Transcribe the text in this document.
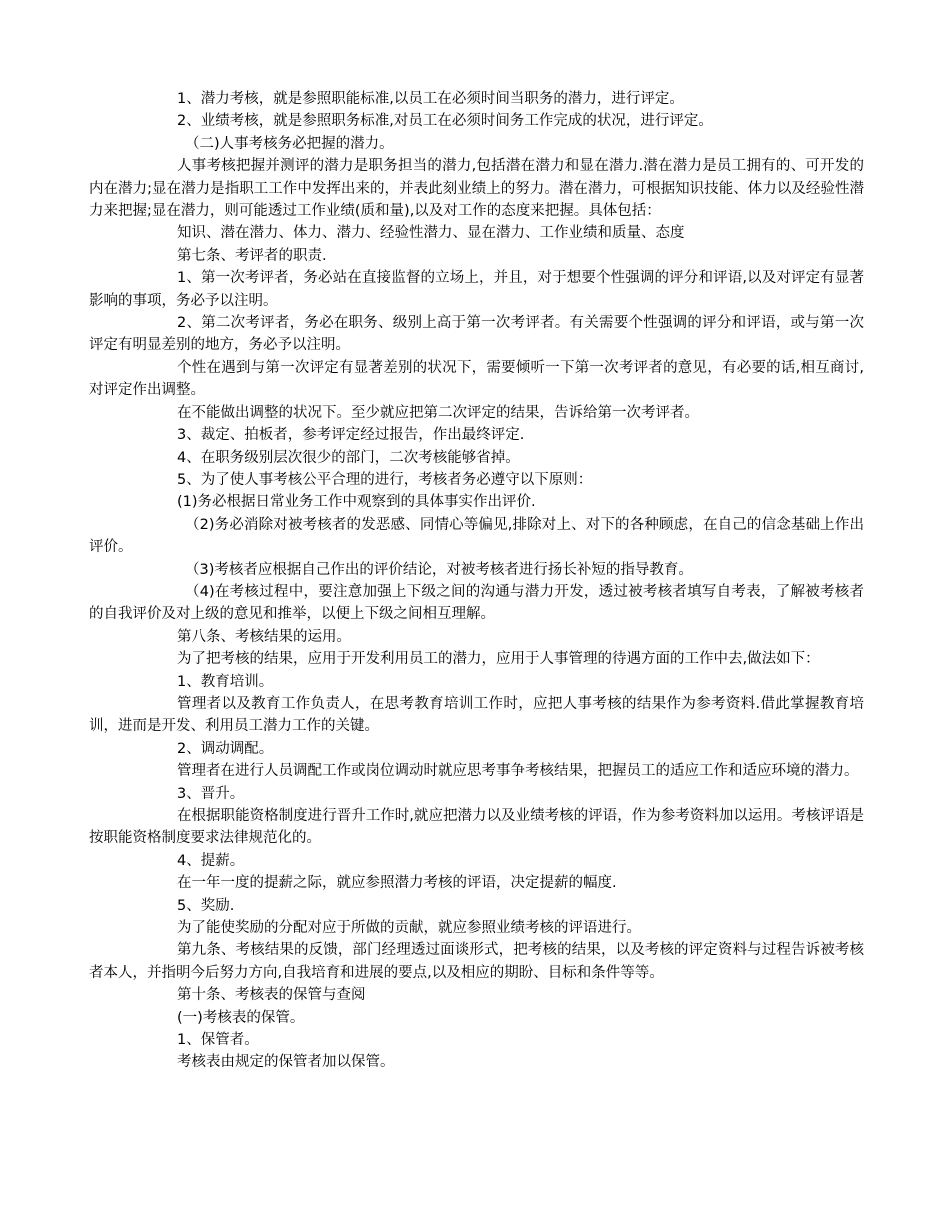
1、潜力考核，就是参照职能标准,以员工在必须时间当职务的潜力，进行评定。

2、业绩考核，就是参照职务标准,对员工在必须时间务工作完成的状况，进行评定。

（二)人事考核务必把握的潜力。

人事考核把握并测评的潜力是职务担当的潜力,包括潜在潜力和显在潜力.潜在潜力是员工拥有的、可开发的内在潜力;显在潜力是指职工工作中发挥出来的，并表此刻业绩上的努力。潜在潜力，可根据知识技能、体力以及经验性潜力来把握;显在潜力，则可能透过工作业绩(质和量),以及对工作的态度来把握。具体包括：

知识、潜在潜力、体力、潜力、经验性潜力、显在潜力、工作业绩和质量、态度

第七条、考评者的职责.

1、第一次考评者，务必站在直接监督的立场上，并且，对于想要个性强调的评分和评语,以及对评定有显著影响的事项，务必予以注明。

2、第二次考评者，务必在职务、级别上高于第一次考评者。有关需要个性强调的评分和评语，或与第一次评定有明显差别的地方，务必予以注明。

个性在遇到与第一次评定有显著差别的状况下，需要倾听一下第一次考评者的意见，有必要的话,相互商讨,对评定作出调整。

在不能做出调整的状况下。至少就应把第二次评定的结果，告诉给第一次考评者。

3、裁定、拍板者，参考评定经过报告，作出最终评定.

4、在职务级别层次很少的部门，二次考核能够省掉。

5、为了使人事考核公平合理的进行，考核者务必遵守以下原则：

(1)务必根据日常业务工作中观察到的具体事实作出评价.

（2)务必消除对被考核者的发恶感、同情心等偏见,排除对上、对下的各种顾虑，在自己的信念基础上作出评价。

（3)考核者应根据自己作出的评价结论，对被考核者进行扬长补短的指导教育。

（4)在考核过程中，要注意加强上下级之间的沟通与潜力开发，透过被考核者填写自考表，了解被考核者的自我评价及对上级的意见和推举，以便上下级之间相互理解。

第八条、考核结果的运用。

为了把考核的结果，应用于开发利用员工的潜力，应用于人事管理的待遇方面的工作中去,做法如下：

1、教育培训。

管理者以及教育工作负责人，在思考教育培训工作时，应把人事考核的结果作为参考资料.借此掌握教育培训，进而是开发、利用员工潜力工作的关键。

2、调动调配。

管理者在进行人员调配工作或岗位调动时就应思考事争考核结果，把握员工的适应工作和适应环境的潜力。

3、晋升。

在根据职能资格制度进行晋升工作时,就应把潜力以及业绩考核的评语，作为参考资料加以运用。考核评语是按职能资格制度要求法律规范化的。

4、提薪。

在一年一度的提薪之际，就应参照潜力考核的评语，决定提薪的幅度.

5、奖励.

为了能使奖励的分配对应于所做的贡献，就应参照业绩考核的评语进行。

第九条、考核结果的反馈，部门经理透过面谈形式，把考核的结果，以及考核的评定资料与过程告诉被考核者本人，并指明今后努力方向,自我培育和进展的要点,以及相应的期盼、目标和条件等等。

第十条、考核表的保管与查阅

(一)考核表的保管。

1、保管者。

考核表由规定的保管者加以保管。
